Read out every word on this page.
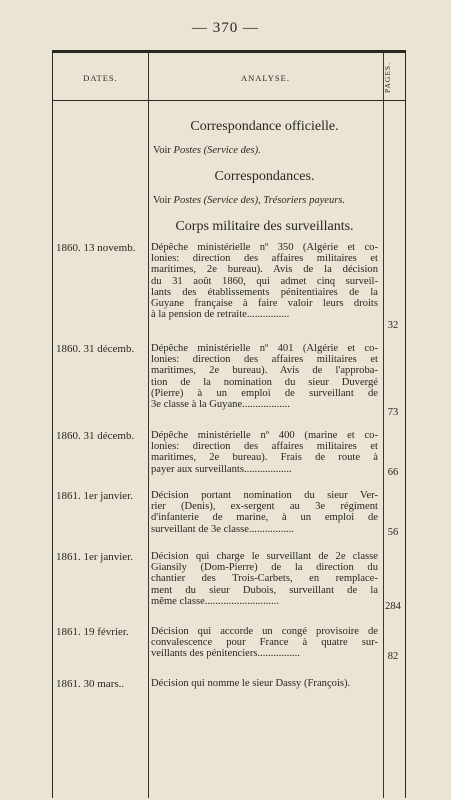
— 370 —
DATES.	ANALYSE.	PAGES.
Correspondance officielle.
Voir Postes (Service des).
Correspondances.
Voir Postes (Service des), Trésoriers payeurs.
Corps militaire des surveillants.
1860. 13 novemb.	Dépêche ministérielle nº 350 (Algérie et co-
lonies: direction des affaires militaires et
maritimes, 2e bureau). Avis de la décision
du 31 août 1860, qui admet cinq surveil-
lants des établissements pénitentiaires de la
Guyane française à faire valoir leurs droits
à la pension de retraite................
32
1860. 31 décemb.	Dépêche ministérielle nº 401 (Algérie et co-
lonies: direction des affaires militaires et
maritimes, 2e bureau). Avis de l'approba-
tion de la nomination du sieur Duvergé
(Pierre) à un emploi de surveillant de
3e classe à la Guyane..................
73
1860. 31 décemb.	Dépêche ministérielle nº 400 (marine et co-
lonies: direction des affaires militaires et
maritimes, 2e bureau). Frais de route à
payer aux surveillants..................	66
1861. 1er janvier.	Décision portant nomination du sieur Ver-
rier (Denis), ex-sergent au 3e régiment
d'infanterie de marine, à un emploi de
surveillant de 3e classe.................	56
1861. 1er janvier.	Décision qui charge le surveillant de 2e classe
Giansily (Dom-Pierre) de la direction du
chantier des Trois-Carbets, en remplace-
ment du sieur Dubois, surveillant de la
même classe............................	284
1861. 19 février.	Décision qui accorde un congé provisoire de
convalescence pour France à quatre sur-
veillants des pénitenciers................	82
1861. 30 mars..	Décision qui nomme le sieur Dassy (François).
